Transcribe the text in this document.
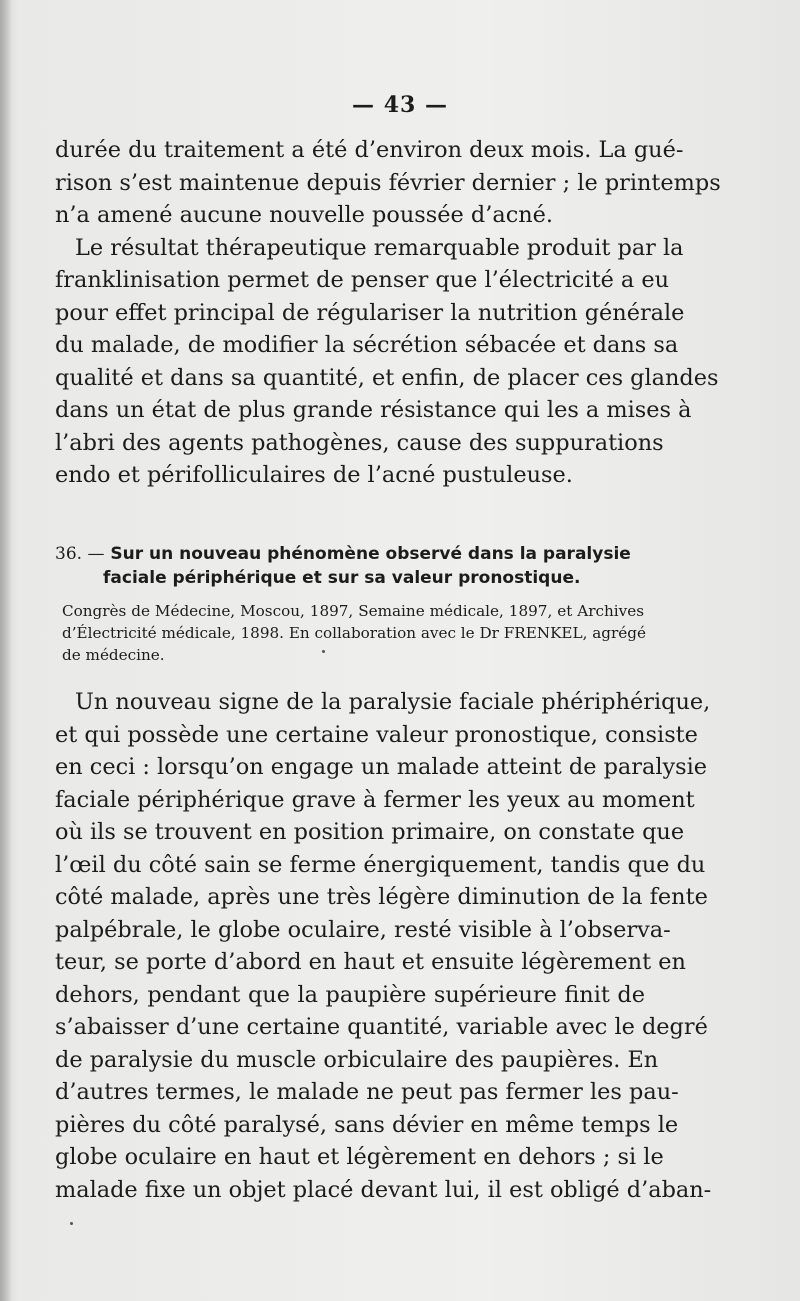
— 43 —
durée du traitement a été d’environ deux mois. La gué-
rison s’est maintenue depuis février dernier ; le printemps
n’a amené aucune nouvelle poussée d’acné.
Le résultat thérapeutique remarquable produit par la
franklinisation permet de penser que l’électricité a eu
pour effet principal de régulariser la nutrition générale
du malade, de modifier la sécrétion sébacée et dans sa
qualité et dans sa quantité, et enfin, de placer ces glandes
dans un état de plus grande résistance qui les a mises à
l’abri des agents pathogènes, cause des suppurations
endo et périfolliculaires de l’acné pustuleuse.
36. — Sur un nouveau phénomène observé dans la paralysie
faciale périphérique et sur sa valeur pronostique.
Congrès de Médecine, Moscou, 1897, Semaine médicale, 1897, et Archives
d’Électricité médicale, 1898. En collaboration avec le Dr FRENKEL, agrégé
de médecine.
Un nouveau signe de la paralysie faciale phériphérique,
et qui possède une certaine valeur pronostique, consiste
en ceci : lorsqu’on engage un malade atteint de paralysie
faciale périphérique grave à fermer les yeux au moment
où ils se trouvent en position primaire, on constate que
l’œil du côté sain se ferme énergiquement, tandis que du
côté malade, après une très légère diminution de la fente
palpébrale, le globe oculaire, resté visible à l’observa-
teur, se porte d’abord en haut et ensuite légèrement en
dehors, pendant que la paupière supérieure finit de
s’abaisser d’une certaine quantité, variable avec le degré
de paralysie du muscle orbiculaire des paupières. En
d’autres termes, le malade ne peut pas fermer les pau-
pières du côté paralysé, sans dévier en même temps le
globe oculaire en haut et légèrement en dehors ; si le
malade fixe un objet placé devant lui, il est obligé d’aban-
